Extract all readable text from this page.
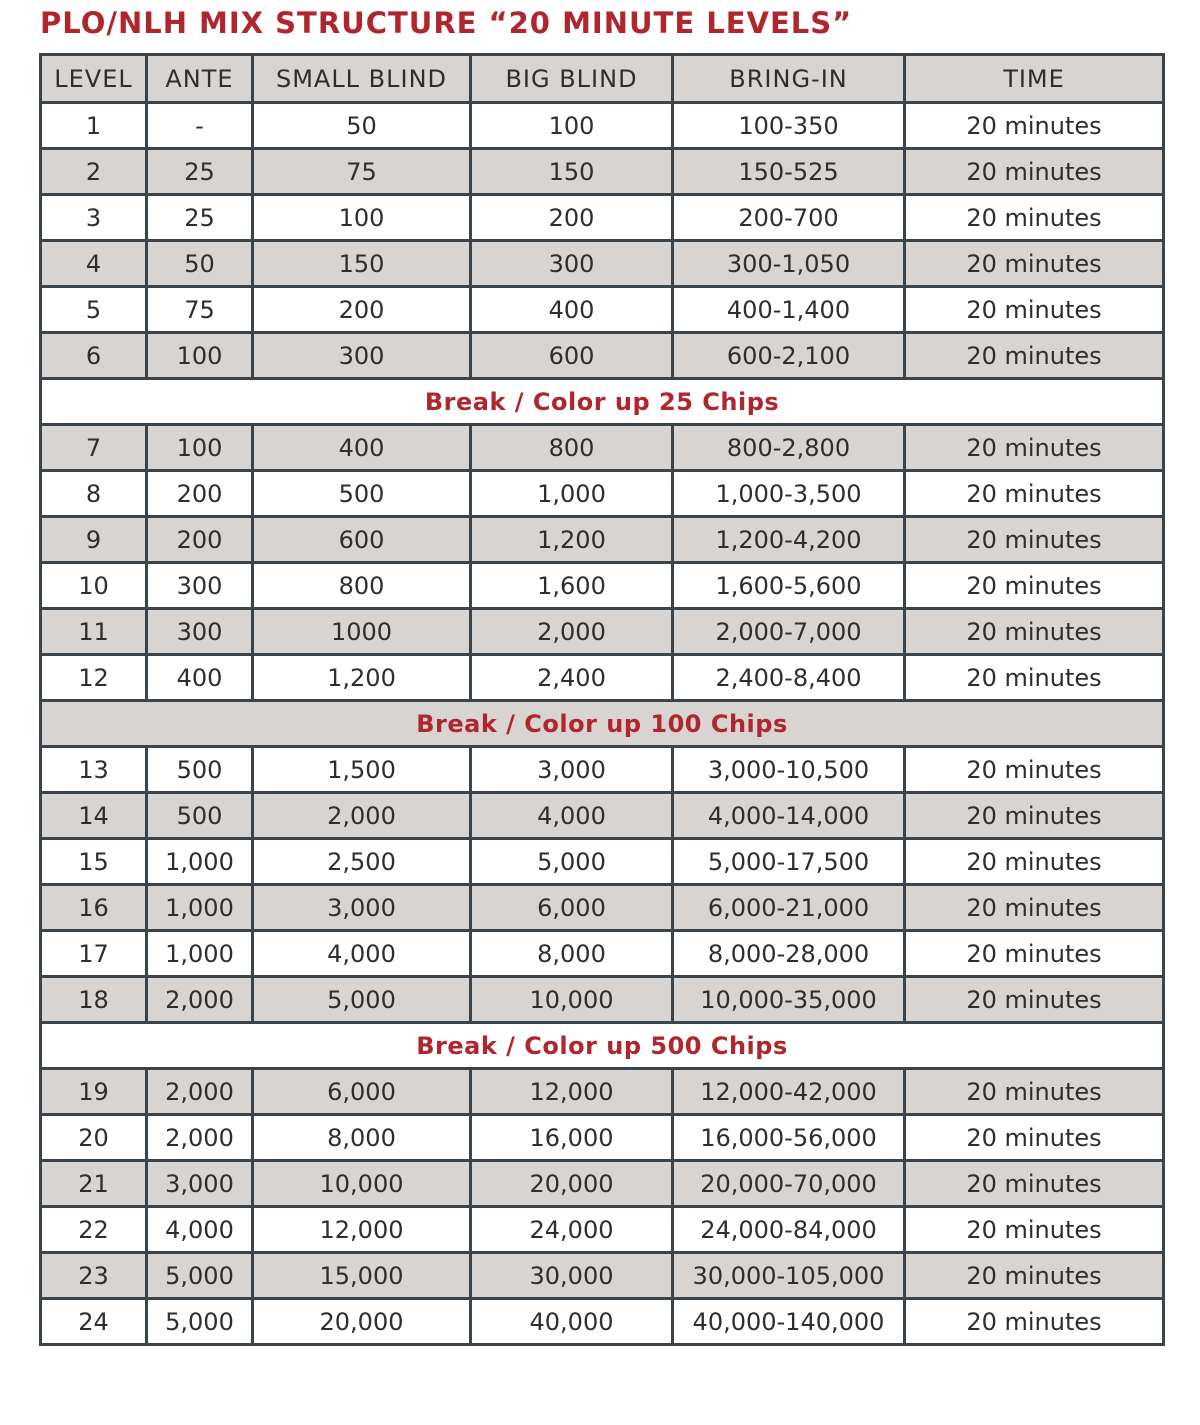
PLO/NLH MIX STRUCTURE “20 MINUTE LEVELS”
LEVEL	ANTE	SMALL BLIND	BIG BLIND	BRING-IN	TIME
1	-	50	100	100-350	20 minutes
2	25	75	150	150-525	20 minutes
3	25	100	200	200-700	20 minutes
4	50	150	300	300-1,050	20 minutes
5	75	200	400	400-1,400	20 minutes
6	100	300	600	600-2,100	20 minutes
Break / Color up 25 Chips					
7	100	400	800	800-2,800	20 minutes
8	200	500	1,000	1,000-3,500	20 minutes
9	200	600	1,200	1,200-4,200	20 minutes
10	300	800	1,600	1,600-5,600	20 minutes
11	300	1000	2,000	2,000-7,000	20 minutes
12	400	1,200	2,400	2,400-8,400	20 minutes
Break / Color up 100 Chips					
13	500	1,500	3,000	3,000-10,500	20 minutes
14	500	2,000	4,000	4,000-14,000	20 minutes
15	1,000	2,500	5,000	5,000-17,500	20 minutes
16	1,000	3,000	6,000	6,000-21,000	20 minutes
17	1,000	4,000	8,000	8,000-28,000	20 minutes
18	2,000	5,000	10,000	10,000-35,000	20 minutes
Break / Color up 500 Chips					
19	2,000	6,000	12,000	12,000-42,000	20 minutes
20	2,000	8,000	16,000	16,000-56,000	20 minutes
21	3,000	10,000	20,000	20,000-70,000	20 minutes
22	4,000	12,000	24,000	24,000-84,000	20 minutes
23	5,000	15,000	30,000	30,000-105,000	20 minutes
24	5,000	20,000	40,000	40,000-140,000	20 minutes
